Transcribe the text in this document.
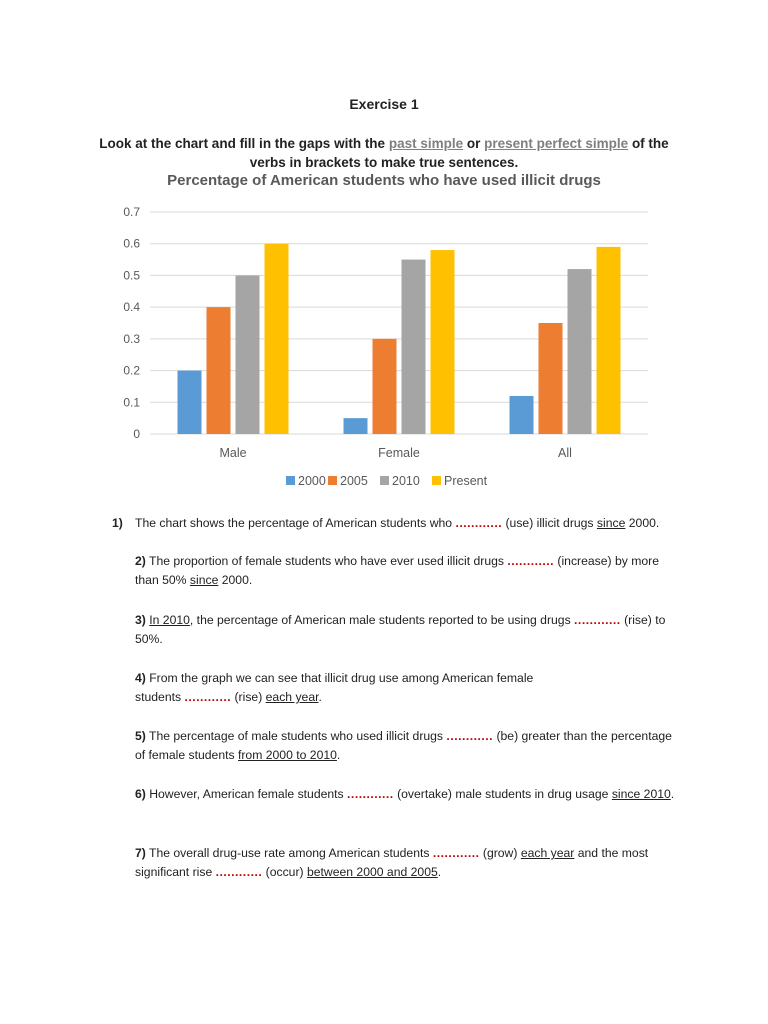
Exercise 1
Look at the chart and fill in the gaps with the past simple or present perfect simple of the verbs in brackets to make true sentences.
Percentage of American students who have used illicit drugs
0
0.1
0.2
0.3
0.4
0.5
0.6
0.7
Male	Female	All
2000 2005 2010 Present
1) The chart shows the percentage of American students who ............ (use) illicit drugs since 2000.
2) The proportion of female students who have ever used illicit drugs ............ (increase) by more than 50% since 2000.
3) In 2010, the percentage of American male students reported to be using drugs ............ (rise) to 50%.
4) From the graph we can see that illicit drug use among American female
students ............ (rise) each year.
5) The percentage of male students who used illicit drugs ............ (be) greater than the percentage of female students from 2000 to 2010.
6) However, American female students ............ (overtake) male students in drug usage since 2010.
7) The overall drug-use rate among American students ............ (grow) each year and the most significant rise ............ (occur) between 2000 and 2005.
